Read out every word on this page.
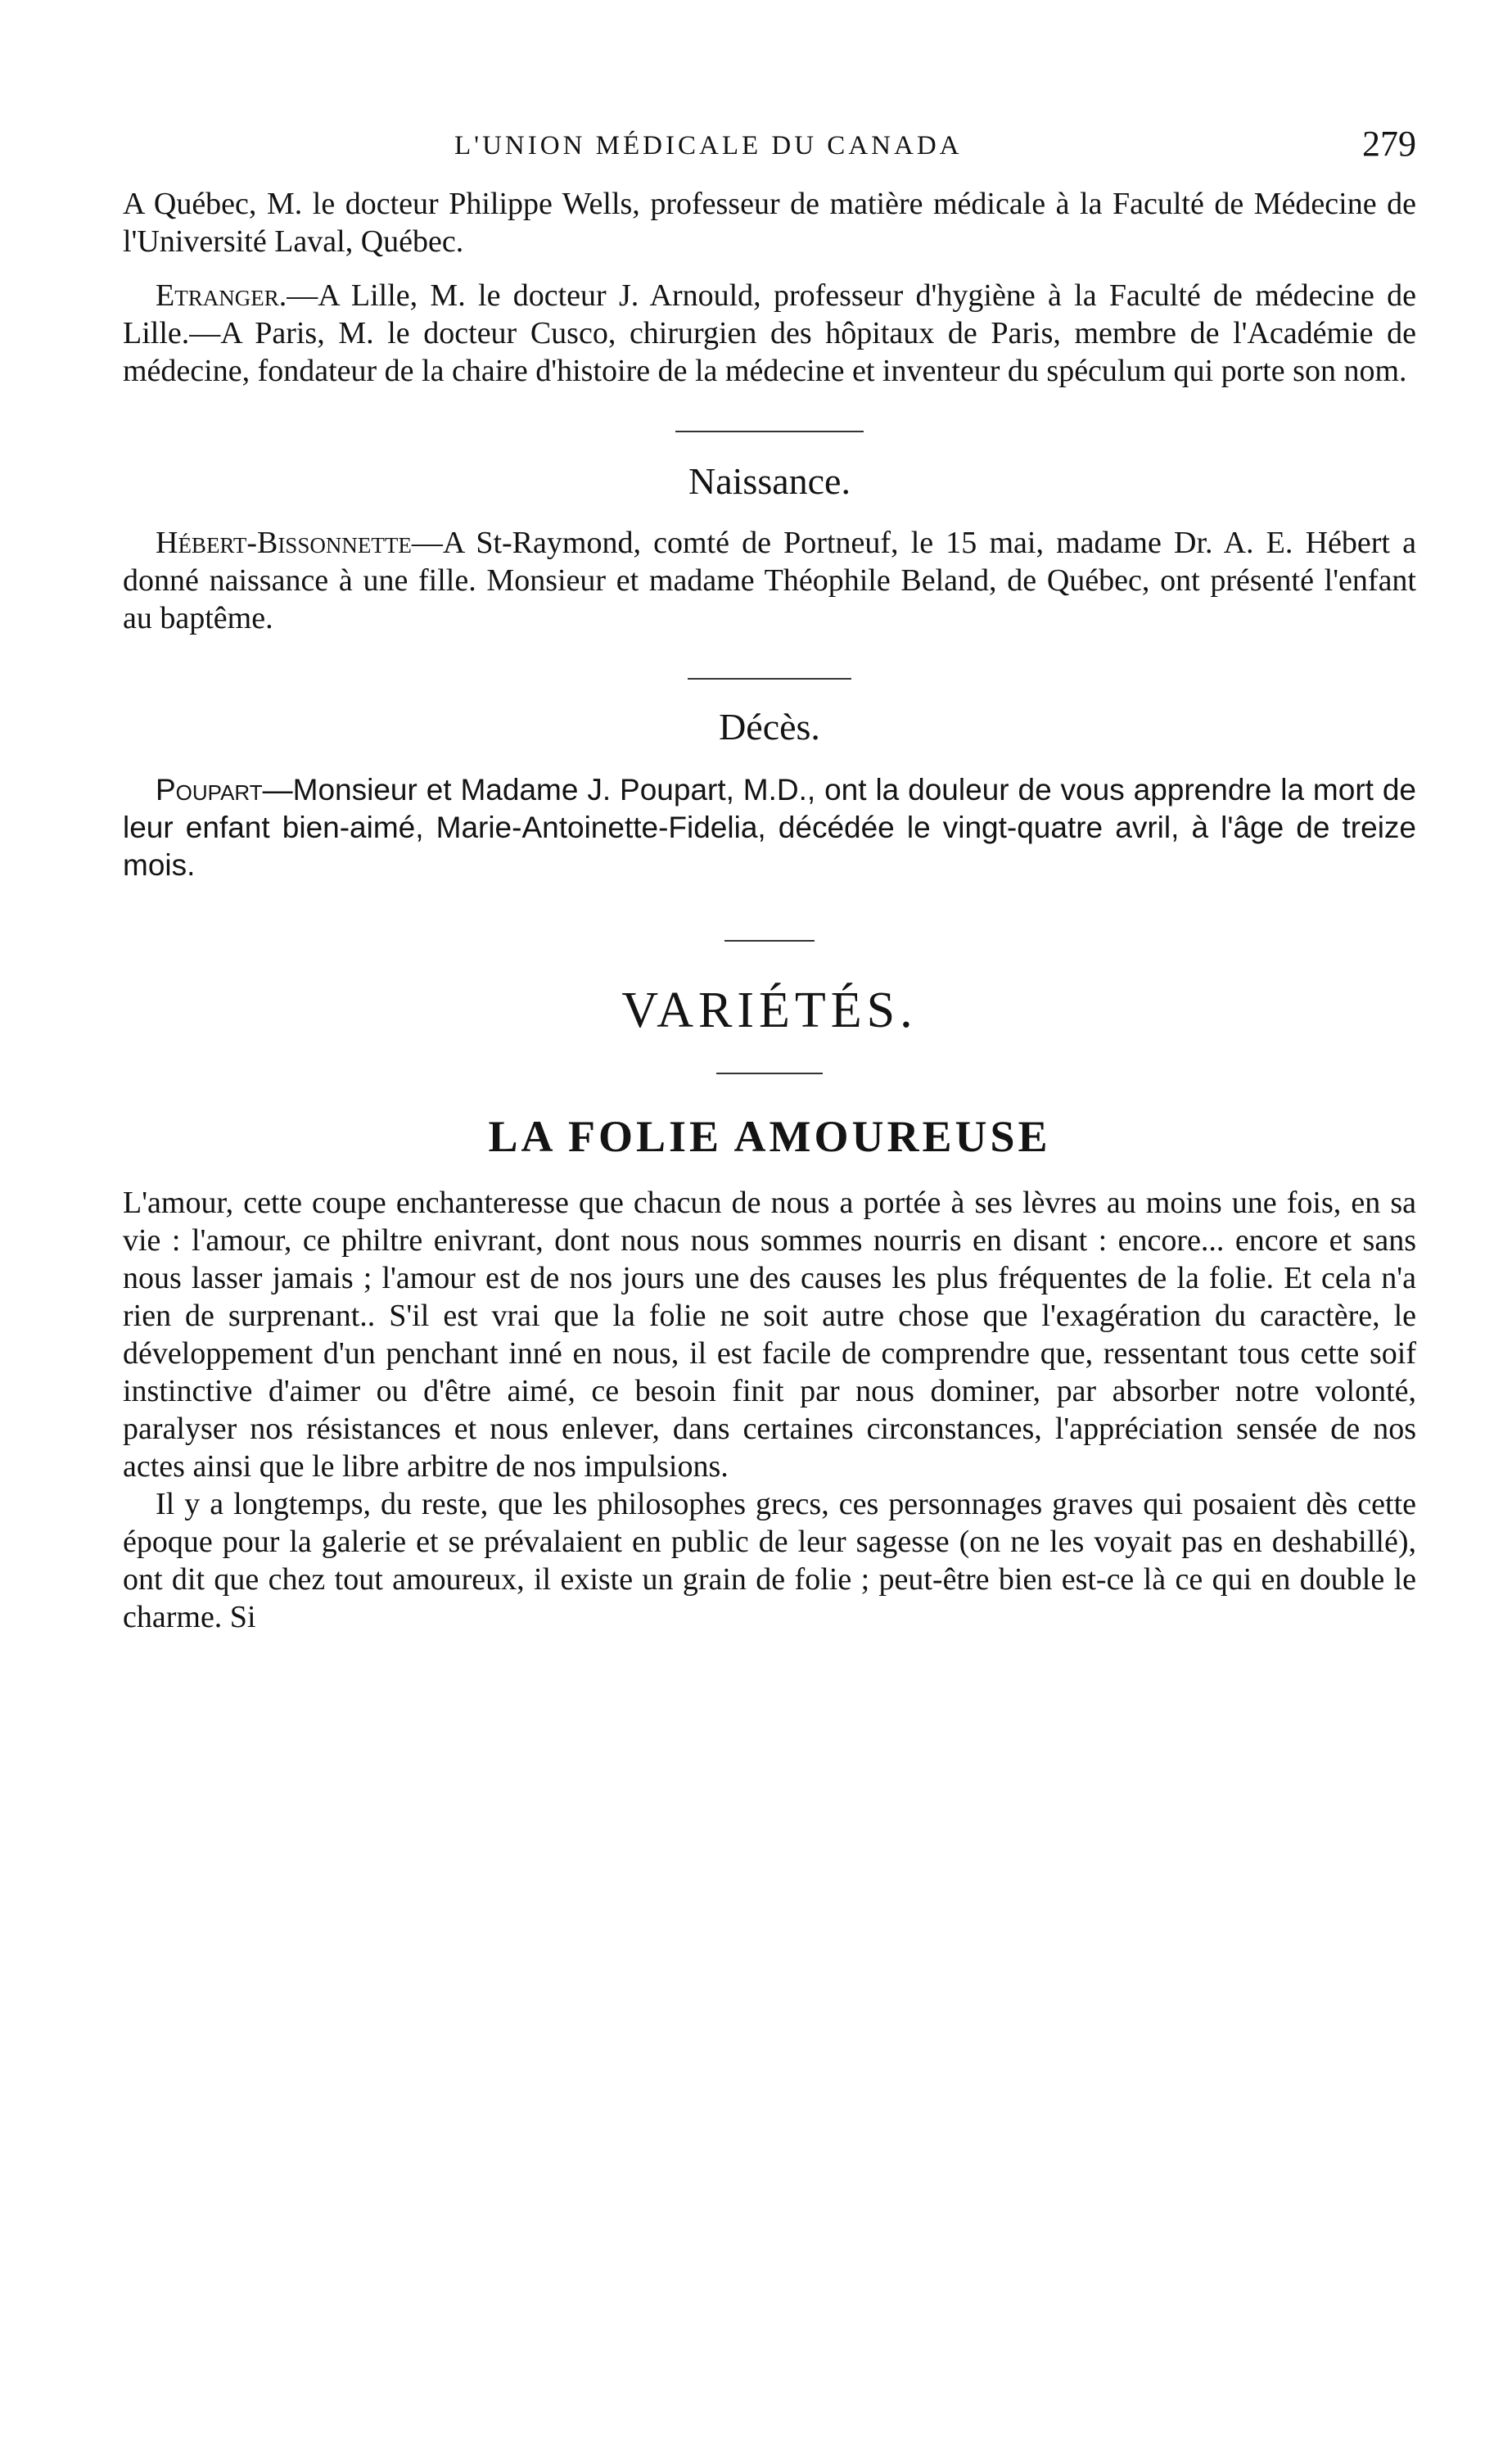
L'UNION MÉDICALE DU CANADA	279

A Québec, M. le docteur Philippe Wells, professeur de matière médicale à la Faculté de Médecine de l'Université Laval, Québec.

Etranger.—A Lille, M. le docteur J. Arnould, professeur d'hygiène à la Faculté de médecine de Lille.—A Paris, M. le docteur Cusco, chirurgien des hôpitaux de Paris, membre de l'Académie de médecine, fondateur de la chaire d'histoire de la médecine et inventeur du spéculum qui porte son nom.

Naissance.

Hébert-Bissonnette—A St-Raymond, comté de Portneuf, le 15 mai, madame Dr. A. E. Hébert a donné naissance à une fille. Monsieur et madame Théophile Beland, de Québec, ont présenté l'enfant au baptême.

Décès.

Poupart—Monsieur et Madame J. Poupart, M.D., ont la douleur de vous apprendre la mort de leur enfant bien-aimé, Marie-Antoinette-Fidelia, décédée le vingt-quatre avril, à l'âge de treize mois.

VARIÉTÉS.
LA FOLIE AMOUREUSE

L'amour, cette coupe enchanteresse que chacun de nous a portée à ses lèvres au moins une fois, en sa vie : l'amour, ce philtre enivrant, dont nous nous sommes nourris en disant : encore... encore et sans nous lasser jamais ; l'amour est de nos jours une des causes les plus fréquentes de la folie. Et cela n'a rien de surprenant.. S'il est vrai que la folie ne soit autre chose que l'exagération du caractère, le développement d'un penchant inné en nous, il est facile de comprendre que, ressentant tous cette soif instinctive d'aimer ou d'être aimé, ce besoin finit par nous dominer, par absorber notre volonté, paralyser nos résistances et nous enlever, dans certaines circonstances, l'appréciation sensée de nos actes ainsi que le libre arbitre de nos impulsions.

Il y a longtemps, du reste, que les philosophes grecs, ces personnages graves qui posaient dès cette époque pour la galerie et se prévalaient en public de leur sagesse (on ne les voyait pas en deshabillé), ont dit que chez tout amoureux, il existe un grain de folie ; peut-être bien est-ce là ce qui en double le charme. Si
